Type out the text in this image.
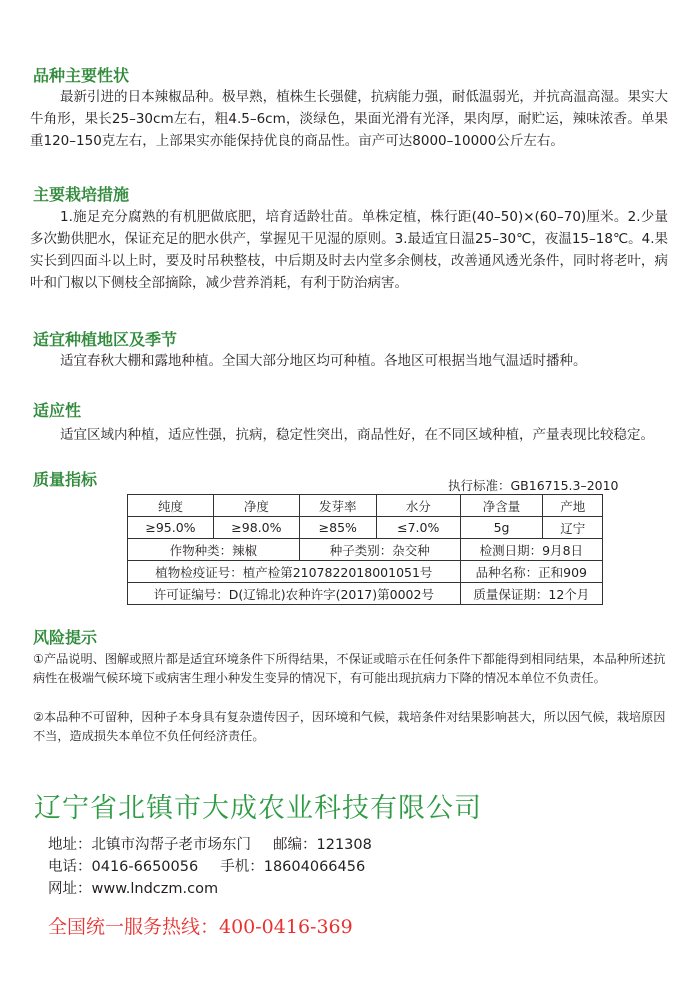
品种主要性状
最新引进的日本辣椒品种。极早熟，植株生长强健，抗病能力强，耐低温弱光，并抗高温高湿。果实大牛角形，果长25–30cm左右，粗4.5–6cm，淡绿色，果面光滑有光泽，果肉厚，耐贮运，辣味浓香。单果重120–150克左右，上部果实亦能保持优良的商品性。亩产可达8000–10000公斤左右。
主要栽培措施
1.施足充分腐熟的有机肥做底肥，培育适龄壮苗。单株定植，株行距(40–50)×(60–70)厘米。2.少量多次勤供肥水，保证充足的肥水供产，掌握见干见湿的原则。3.最适宜日温25–30℃，夜温15–18℃。4.果实长到四面斗以上时，要及时吊秧整枝，中后期及时去内堂多余侧枝，改善通风透光条件，同时将老叶，病叶和门椒以下侧枝全部摘除，减少营养消耗，有利于防治病害。
适宜种植地区及季节
适宜春秋大棚和露地种植。全国大部分地区均可种植。各地区可根据当地气温适时播种。
适应性
适宜区域内种植，适应性强，抗病，稳定性突出，商品性好，在不同区域种植，产量表现比较稳定。
质量指标	执行标准：GB16715.3–2010
纯度	净度	发芽率	水分	净含量	产地
≥95.0%	≥98.0%	≥85%	≤7.0%	5g	辽宁
作物种类：辣椒		种子类别：杂交种		检测日期：9月8日	
植物检疫证号：植产检第2107822018001051号				品种名称：正和909	
许可证编号：D(辽锦北)农种许字(2017)第0002号				质量保证期：12个月	
风险提示
①产品说明、图解或照片都是适宜环境条件下所得结果，不保证或暗示在任何条件下都能得到相同结果，本品种所述抗病性在极端气候环境下或病害生理小种发生变异的情况下，有可能出现抗病力下降的情况本单位不负责任。
②本品种不可留种，因种子本身具有复杂遗传因子，因环境和气候，栽培条件对结果影响甚大，所以因气候，栽培原因不当，造成损失本单位不负任何经济责任。
辽宁省北镇市大成农业科技有限公司
地址：北镇市沟帮子老市场东门 邮编：121308
电话：0416-6650056 手机：18604066456
网址：www.lndczm.com
全国统一服务热线：400-0416-369
